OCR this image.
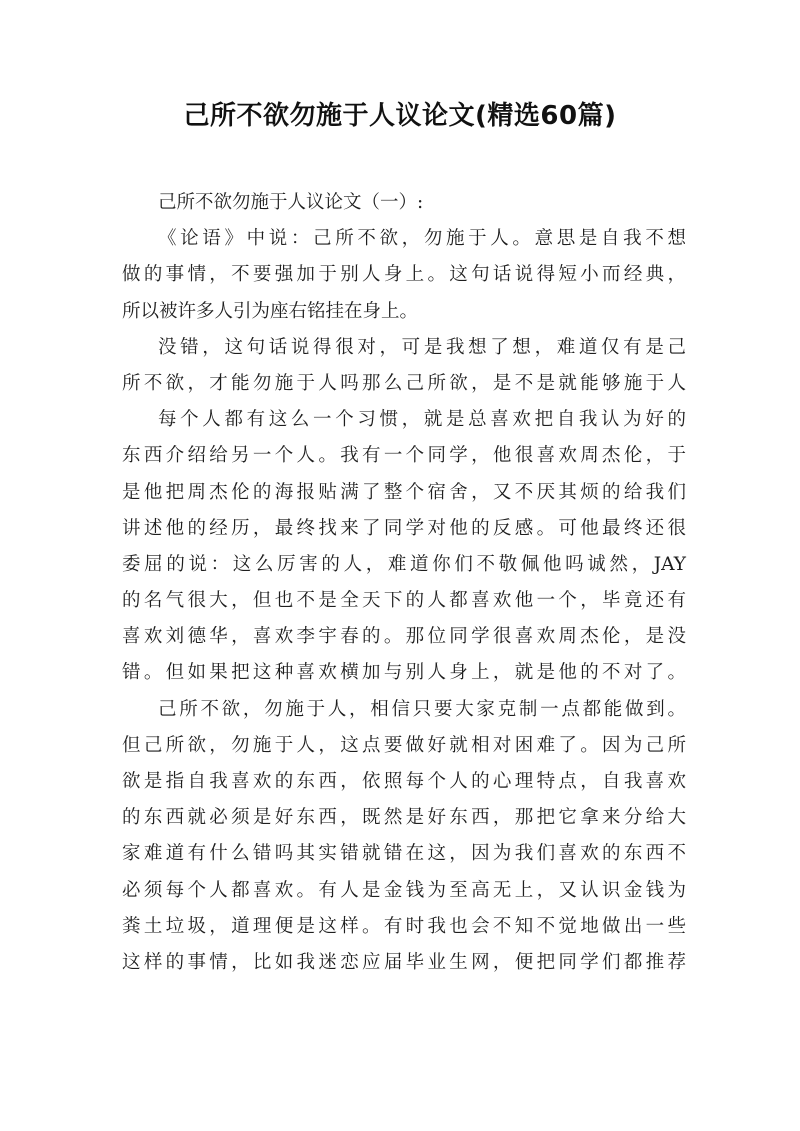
己所不欲勿施于人议论文(精选60篇)
己所不欲勿施于人议论文（一）:
《论语》中说：己所不欲，勿施于人。意思是自我不想
做的事情，不要强加于别人身上。这句话说得短小而经典，
所以被许多人引为座右铭挂在身上。
没错，这句话说得很对，可是我想了想，难道仅有是己
所不欲，才能勿施于人吗那么己所欲，是不是就能够施于人
每个人都有这么一个习惯，就是总喜欢把自我认为好的
东西介绍给另一个人。我有一个同学，他很喜欢周杰伦，于
是他把周杰伦的海报贴满了整个宿舍，又不厌其烦的给我们
讲述他的经历，最终找来了同学对他的反感。可他最终还很
委屈的说：这么厉害的人，难道你们不敬佩他吗诚然，JAY
的名气很大，但也不是全天下的人都喜欢他一个，毕竟还有
喜欢刘德华，喜欢李宇春的。那位同学很喜欢周杰伦，是没
错。但如果把这种喜欢横加与别人身上，就是他的不对了。
己所不欲，勿施于人，相信只要大家克制一点都能做到。
但己所欲，勿施于人，这点要做好就相对困难了。因为己所
欲是指自我喜欢的东西，依照每个人的心理特点，自我喜欢
的东西就必须是好东西，既然是好东西，那把它拿来分给大
家难道有什么错吗其实错就错在这，因为我们喜欢的东西不
必须每个人都喜欢。有人是金钱为至高无上，又认识金钱为
粪土垃圾，道理便是这样。有时我也会不知不觉地做出一些
这样的事情，比如我迷恋应届毕业生网，便把同学们都推荐
